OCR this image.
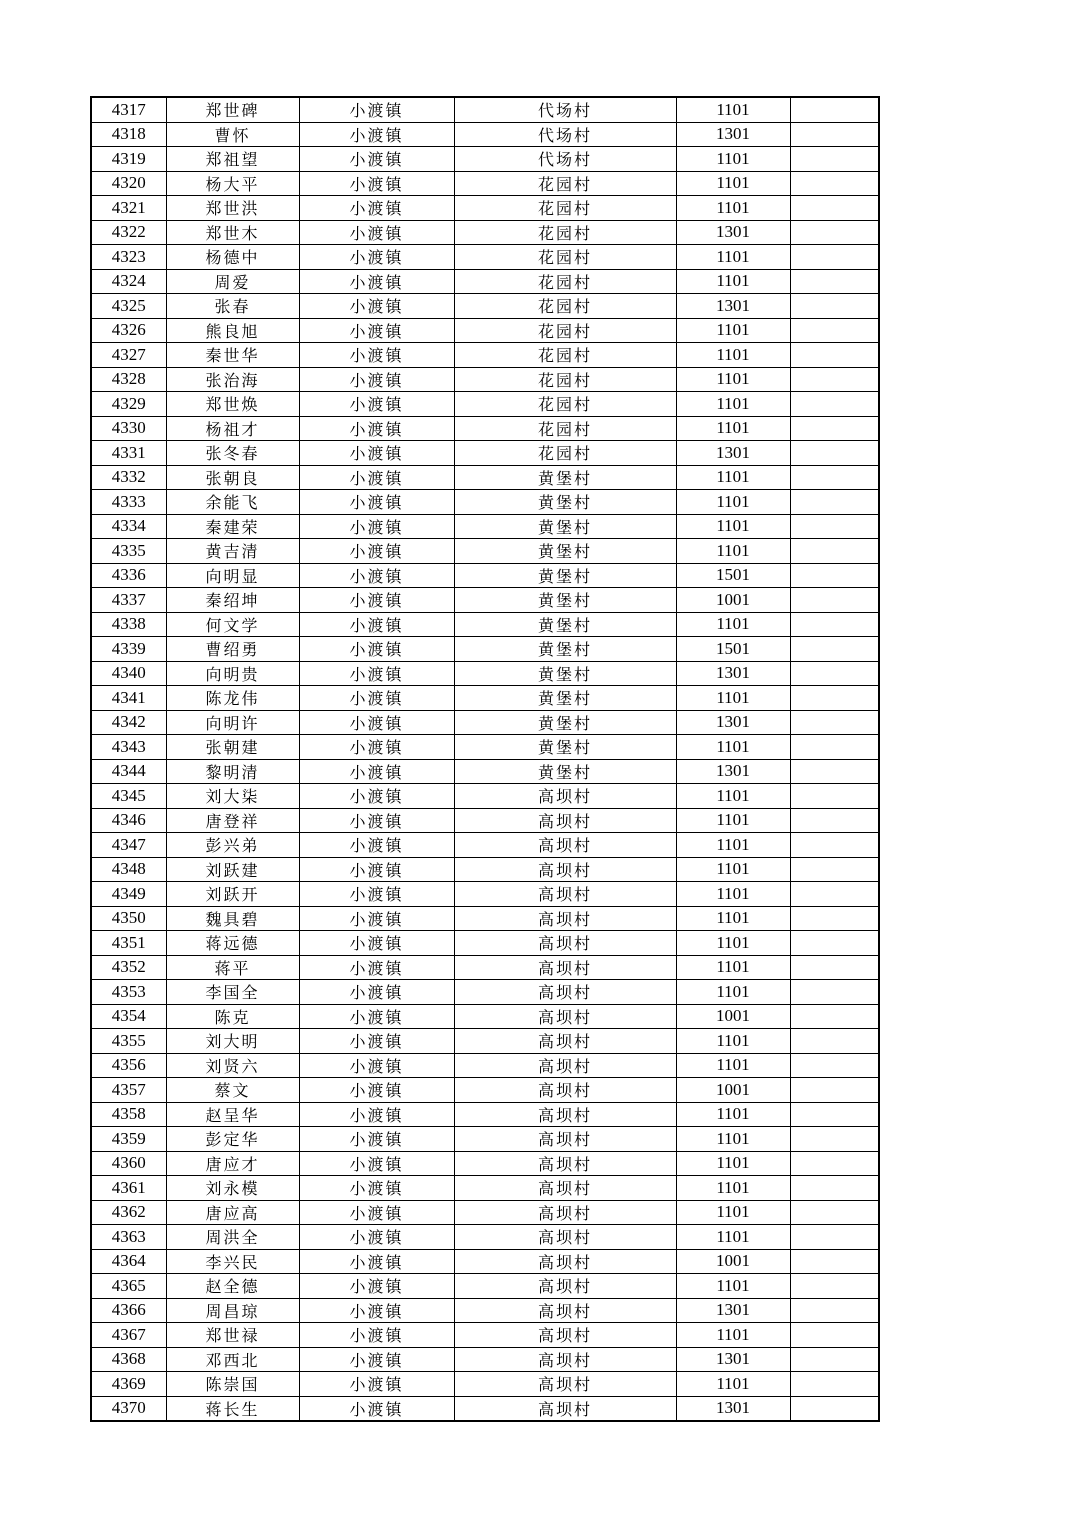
4317	郑世碑	小渡镇	代场村	1101	
4318	曹怀	小渡镇	代场村	1301	
4319	郑祖望	小渡镇	代场村	1101	
4320	杨大平	小渡镇	花园村	1101	
4321	郑世洪	小渡镇	花园村	1101	
4322	郑世木	小渡镇	花园村	1301	
4323	杨德中	小渡镇	花园村	1101	
4324	周爱	小渡镇	花园村	1101	
4325	张春	小渡镇	花园村	1301	
4326	熊良旭	小渡镇	花园村	1101	
4327	秦世华	小渡镇	花园村	1101	
4328	张治海	小渡镇	花园村	1101	
4329	郑世焕	小渡镇	花园村	1101	
4330	杨祖才	小渡镇	花园村	1101	
4331	张冬春	小渡镇	花园村	1301	
4332	张朝良	小渡镇	黄堡村	1101	
4333	余能飞	小渡镇	黄堡村	1101	
4334	秦建荣	小渡镇	黄堡村	1101	
4335	黄吉清	小渡镇	黄堡村	1101	
4336	向明显	小渡镇	黄堡村	1501	
4337	秦绍坤	小渡镇	黄堡村	1001	
4338	何文学	小渡镇	黄堡村	1101	
4339	曹绍勇	小渡镇	黄堡村	1501	
4340	向明贵	小渡镇	黄堡村	1301	
4341	陈龙伟	小渡镇	黄堡村	1101	
4342	向明许	小渡镇	黄堡村	1301	
4343	张朝建	小渡镇	黄堡村	1101	
4344	黎明清	小渡镇	黄堡村	1301	
4345	刘大柒	小渡镇	高坝村	1101	
4346	唐登祥	小渡镇	高坝村	1101	
4347	彭兴弟	小渡镇	高坝村	1101	
4348	刘跃建	小渡镇	高坝村	1101	
4349	刘跃开	小渡镇	高坝村	1101	
4350	魏具碧	小渡镇	高坝村	1101	
4351	蒋远德	小渡镇	高坝村	1101	
4352	蒋平	小渡镇	高坝村	1101	
4353	李国全	小渡镇	高坝村	1101	
4354	陈克	小渡镇	高坝村	1001	
4355	刘大明	小渡镇	高坝村	1101	
4356	刘贤六	小渡镇	高坝村	1101	
4357	蔡文	小渡镇	高坝村	1001	
4358	赵呈华	小渡镇	高坝村	1101	
4359	彭定华	小渡镇	高坝村	1101	
4360	唐应才	小渡镇	高坝村	1101	
4361	刘永模	小渡镇	高坝村	1101	
4362	唐应高	小渡镇	高坝村	1101	
4363	周洪全	小渡镇	高坝村	1101	
4364	李兴民	小渡镇	高坝村	1001	
4365	赵全德	小渡镇	高坝村	1101	
4366	周昌琼	小渡镇	高坝村	1301	
4367	郑世禄	小渡镇	高坝村	1101	
4368	邓西北	小渡镇	高坝村	1301	
4369	陈崇国	小渡镇	高坝村	1101	
4370	蒋长生	小渡镇	高坝村	1301	
